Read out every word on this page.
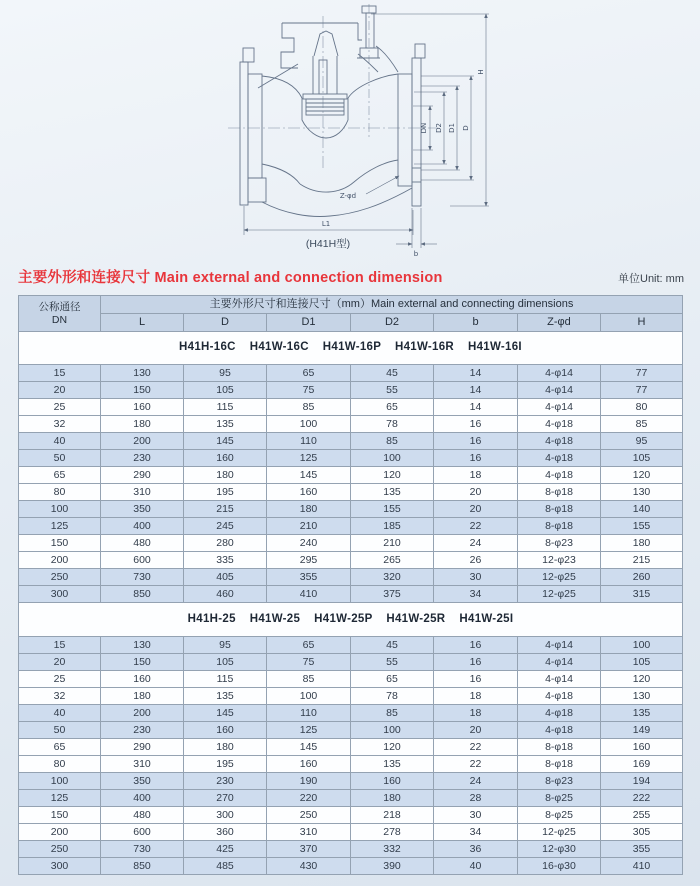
DN D2 D1 D
H
L1
b
Z-φd
(H41H型)
主要外形和连接尺寸 Main external and connection dimension	单位Unit: mm
公称通径
DN	主要外形尺寸和连接尺寸（mm）Main external and connecting dimensions						
	L	D	D1	D2	b	Z-φd	H
H41H-16C    H41W-16C    H41W-16P    H41W-16R    H41W-16I							
15	130	95	65	45	14	4-φ14	77
20	150	105	75	55	14	4-φ14	77
25	160	115	85	65	14	4-φ14	80
32	180	135	100	78	16	4-φ18	85
40	200	145	110	85	16	4-φ18	95
50	230	160	125	100	16	4-φ18	105
65	290	180	145	120	18	4-φ18	120
80	310	195	160	135	20	8-φ18	130
100	350	215	180	155	20	8-φ18	140
125	400	245	210	185	22	8-φ18	155
150	480	280	240	210	24	8-φ23	180
200	600	335	295	265	26	12-φ23	215
250	730	405	355	320	30	12-φ25	260
300	850	460	410	375	34	12-φ25	315
H41H-25    H41W-25    H41W-25P    H41W-25R    H41W-25I							
15	130	95	65	45	16	4-φ14	100
20	150	105	75	55	16	4-φ14	105
25	160	115	85	65	16	4-φ14	120
32	180	135	100	78	18	4-φ18	130
40	200	145	110	85	18	4-φ18	135
50	230	160	125	100	20	4-φ18	149
65	290	180	145	120	22	8-φ18	160
80	310	195	160	135	22	8-φ18	169
100	350	230	190	160	24	8-φ23	194
125	400	270	220	180	28	8-φ25	222
150	480	300	250	218	30	8-φ25	255
200	600	360	310	278	34	12-φ25	305
250	730	425	370	332	36	12-φ30	355
300	850	485	430	390	40	16-φ30	410
